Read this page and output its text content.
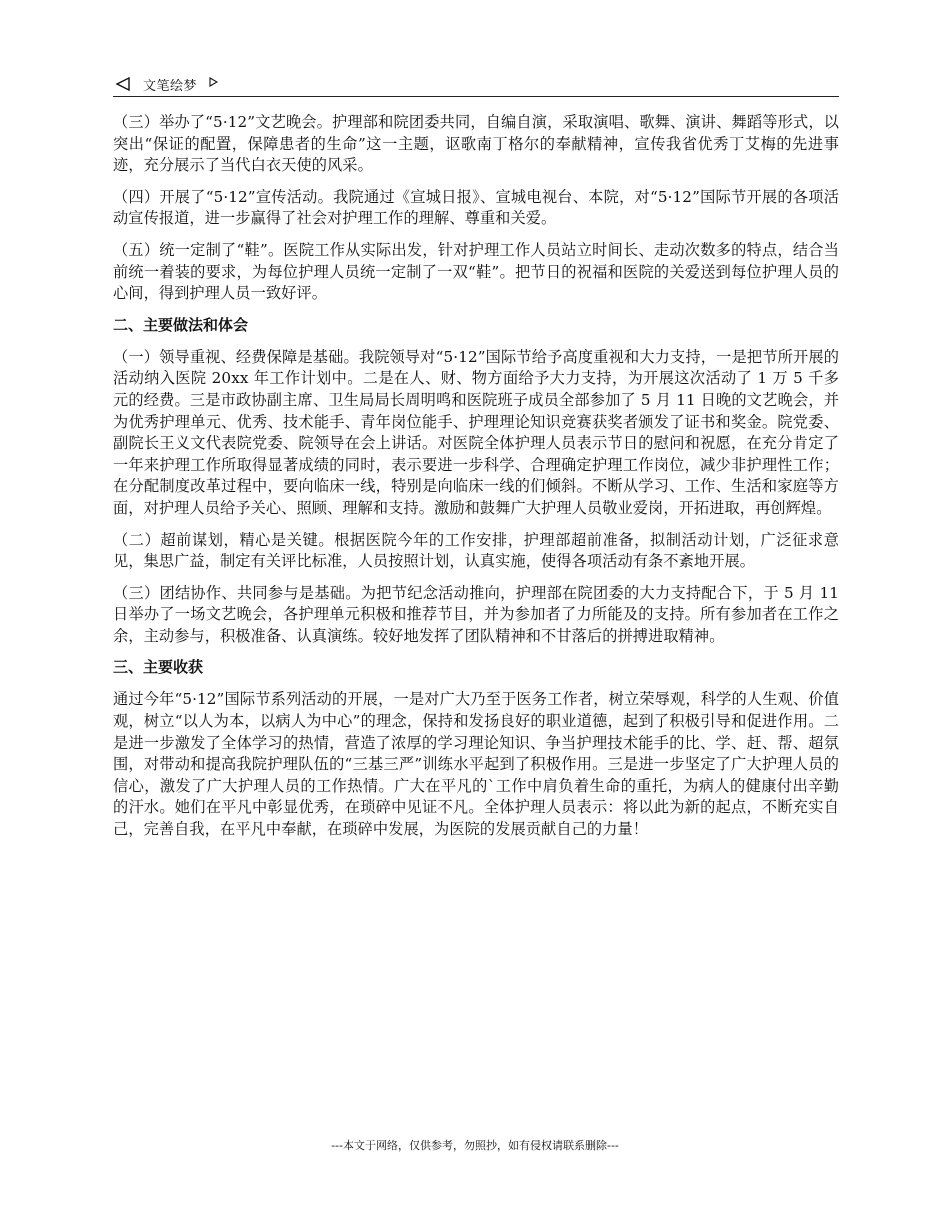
文笔绘梦

（三）举办了“5·12”文艺晚会。护理部和院团委共同，自编自演，采取演唱、歌舞、演讲、舞蹈等形式，以突出“保证的配置，保障患者的生命”这一主题，讴歌南丁格尔的奉献精神，宣传我省优秀丁艾梅的先进事迹，充分展示了当代白衣天使的风采。

（四）开展了“5·12”宣传活动。我院通过《宣城日报》、宣城电视台、本院，对“5·12”国际节开展的各项活动宣传报道，进一步赢得了社会对护理工作的理解、尊重和关爱。

（五）统一定制了“鞋”。医院工作从实际出发，针对护理工作人员站立时间长、走动次数多的特点，结合当前统一着装的要求，为每位护理人员统一定制了一双“鞋”。把节日的祝福和医院的关爱送到每位护理人员的心间，得到护理人员一致好评。

二、主要做法和体会

（一）领导重视、经费保障是基础。我院领导对“5·12”国际节给予高度重视和大力支持，一是把节所开展的活动纳入医院 20xx 年工作计划中。二是在人、财、物方面给予大力支持，为开展这次活动了 1 万 5 千多元的经费。三是市政协副主席、卫生局局长周明鸣和医院班子成员全部参加了 5 月 11 日晚的文艺晚会，并为优秀护理单元、优秀、技术能手、青年岗位能手、护理理论知识竞赛获奖者颁发了证书和奖金。院党委、副院长王义文代表院党委、院领导在会上讲话。对医院全体护理人员表示节日的慰问和祝愿，在充分肯定了一年来护理工作所取得显著成绩的同时，表示要进一步科学、合理确定护理工作岗位，减少非护理性工作；在分配制度改革过程中，要向临床一线，特别是向临床一线的们倾斜。不断从学习、工作、生活和家庭等方面，对护理人员给予关心、照顾、理解和支持。激励和鼓舞广大护理人员敬业爱岗，开拓进取，再创辉煌。

（二）超前谋划，精心是关键。根据医院今年的工作安排，护理部超前准备，拟制活动计划，广泛征求意见，集思广益，制定有关评比标准，人员按照计划，认真实施，使得各项活动有条不紊地开展。

（三）团结协作、共同参与是基础。为把节纪念活动推向，护理部在院团委的大力支持配合下，于 5 月 11 日举办了一场文艺晚会，各护理单元积极和推荐节目，并为参加者了力所能及的支持。所有参加者在工作之余，主动参与，积极准备、认真演练。较好地发挥了团队精神和不甘落后的拼搏进取精神。

三、主要收获

通过今年“5·12”国际节系列活动的开展，一是对广大乃至于医务工作者，树立荣辱观，科学的人生观、价值观，树立“以人为本，以病人为中心”的理念，保持和发扬良好的职业道德，起到了积极引导和促进作用。二是进一步激发了全体学习的热情，营造了浓厚的学习理论知识、争当护理技术能手的比、学、赶、帮、超氛围，对带动和提高我院护理队伍的“三基三严”训练水平起到了积极作用。三是进一步坚定了广大护理人员的信心，激发了广大护理人员的工作热情。广大在平凡的`工作中肩负着生命的重托，为病人的健康付出辛勤的汗水。她们在平凡中彰显优秀，在琐碎中见证不凡。全体护理人员表示：将以此为新的起点，不断充实自己，完善自我，在平凡中奉献，在琐碎中发展，为医院的发展贡献自己的力量！

---本文于网络，仅供参考，勿照抄，如有侵权请联系删除---
